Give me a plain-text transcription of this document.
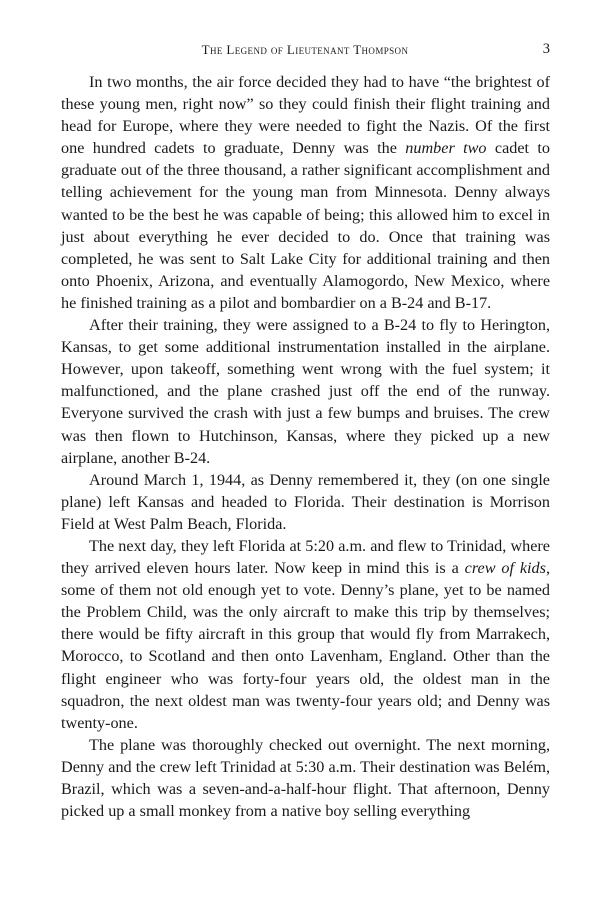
The Legend of Lieutenant Thompson	3

In two months, the air force decided they had to have “the brightest of these young men, right now” so they could finish their flight training and head for Europe, where they were needed to fight the Nazis. Of the first one hundred cadets to graduate, Denny was the number two cadet to graduate out of the three thousand, a rather significant accomplishment and telling achievement for the young man from Minnesota. Denny always wanted to be the best he was capable of being; this allowed him to excel in just about everything he ever decided to do. Once that training was completed, he was sent to Salt Lake City for additional training and then onto Phoenix, Arizona, and eventually Alamogordo, New Mexico, where he finished training as a pilot and bombardier on a B-24 and B-17.

After their training, they were assigned to a B-24 to fly to Herington, Kansas, to get some additional instrumentation installed in the airplane. However, upon takeoff, something went wrong with the fuel system; it malfunctioned, and the plane crashed just off the end of the runway. Everyone survived the crash with just a few bumps and bruises. The crew was then flown to Hutchinson, Kansas, where they picked up a new airplane, another B-24.

Around March 1, 1944, as Denny remembered it, they (on one single plane) left Kansas and headed to Florida. Their destination is Morrison Field at West Palm Beach, Florida.

The next day, they left Florida at 5:20 a.m. and flew to Trinidad, where they arrived eleven hours later. Now keep in mind this is a crew of kids, some of them not old enough yet to vote. Denny’s plane, yet to be named the Problem Child, was the only aircraft to make this trip by themselves; there would be fifty aircraft in this group that would fly from Marrakech, Morocco, to Scotland and then onto Lavenham, England. Other than the flight engineer who was forty-four years old, the oldest man in the squadron, the next oldest man was twenty-four years old; and Denny was twenty-one.

The plane was thoroughly checked out overnight. The next morning, Denny and the crew left Trinidad at 5:30 a.m. Their destination was Belém, Brazil, which was a seven-and-a-half-hour flight. That afternoon, Denny picked up a small monkey from a native boy selling everything
